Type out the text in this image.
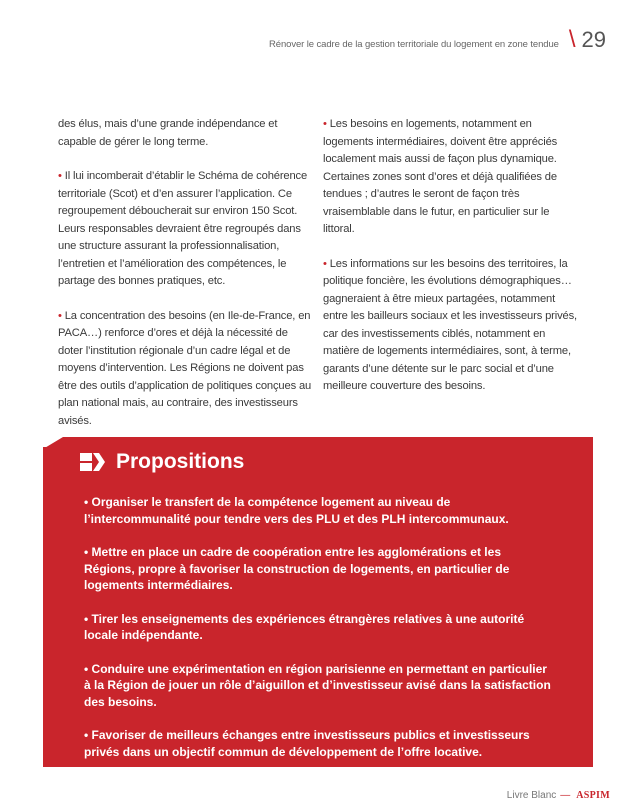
Rénover le cadre de la gestion territoriale du logement en zone tendue \ 29

des élus, mais d’une grande indépendance et capable de gérer le long terme.

• Il lui incomberait d’établir le Schéma de cohérence territoriale (Scot) et d’en assurer l’application. Ce regroupement déboucherait sur environ 150 Scot. Leurs responsables devraient être regroupés dans une structure assurant la professionnalisation, l’entretien et l’amélioration des compétences, le partage des bonnes pratiques, etc.

• La concentration des besoins (en Ile-de-France, en PACA…) renforce d’ores et déjà la nécessité de doter l’institution régionale d’un cadre légal et de moyens d’intervention. Les Régions ne doivent pas être des outils d’application de politiques conçues au plan national mais, au contraire, des investisseurs avisés.

• Les besoins en logements, notamment en logements intermédiaires, doivent être appréciés localement mais aussi de façon plus dynamique. Certaines zones sont d’ores et déjà qualifiées de tendues ; d’autres le seront de façon très vraisemblable dans le futur, en particulier sur le littoral.

• Les informations sur les besoins des territoires, la politique foncière, les évolutions démographiques… gagneraient à être mieux partagées, notamment entre les bailleurs sociaux et les investisseurs privés, car des investissements ciblés, notamment en matière de logements intermédiaires, sont, à terme, garants d’une détente sur le parc social et d’une meilleure couverture des besoins.

Propositions

• Organiser le transfert de la compétence logement au niveau de l’intercommunalité pour tendre vers des PLU et des PLH intercommunaux.

• Mettre en place un cadre de coopération entre les agglomérations et les Régions, propre à favoriser la construction de logements, en particulier de logements intermédiaires.

• Tirer les enseignements des expériences étrangères relatives à une autorité locale indépendante.

• Conduire une expérimentation en région parisienne en permettant en particulier à la Région de jouer un rôle d’aiguillon et d’investisseur avisé dans la satisfaction des besoins.

• Favoriser de meilleurs échanges entre investisseurs publics et investisseurs privés dans un objectif commun de développement de l’offre locative.

Livre Blanc — ASPIM
